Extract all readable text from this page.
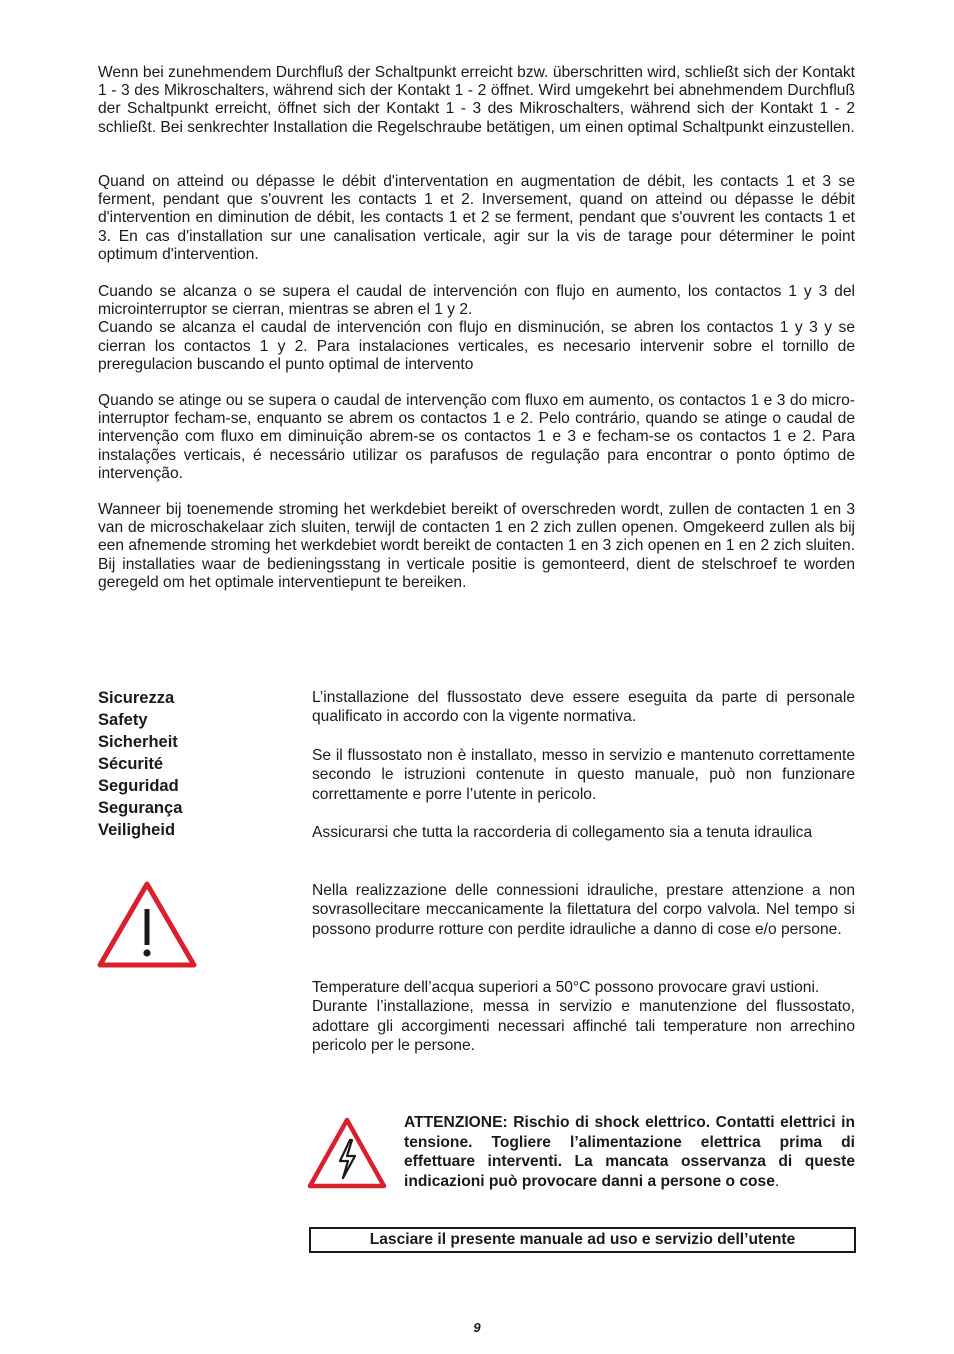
Wenn bei zunehmendem Durchfluß der Schaltpunkt erreicht bzw. überschritten wird, schließt sich der Kontakt 1 - 3 des Mikroschalters, während sich der Kontakt 1 - 2 öffnet. Wird umgekehrt bei abnehmendem Durchfluß der Schaltpunkt erreicht, öffnet sich der Kontakt 1 - 3 des Mikroschalters, während sich der Kontakt 1 - 2 schließt. Bei senkrechter Installation die Regelschraube betätigen, um einen optimal Schaltpunkt einzustellen.

Quand on atteind ou dépasse le débit d'interventation en augmentation de débit, les contacts 1 et 3 se ferment, pendant que s'ouvrent les contacts 1 et 2. Inversement, quand on atteind ou dépasse le débit d'intervention en diminution de débit, les contacts 1 et 2 se ferment, pendant que s'ouvrent les contacts 1 et 3. En cas d'installation sur une canalisation verticale, agir sur la vis de tarage pour déterminer le point optimum d'intervention.

Cuando se alcanza o se supera el caudal de intervención con flujo en aumento, los contactos 1 y 3 del microinterruptor se cierran, mientras se abren el 1 y 2.
Cuando se alcanza el caudal de intervención con flujo en disminución, se abren los contactos 1 y 3 y se cierran los contactos 1 y 2. Para instalaciones verticales, es necesario intervenir sobre el tornillo de preregulacion buscando el punto optimal de intervento

Quando se atinge ou se supera o caudal de intervenção com fluxo em aumento, os contactos 1 e 3 do micro-interruptor fecham-se, enquanto se abrem os contactos 1 e 2. Pelo contrário, quando se atinge o caudal de intervenção com fluxo em diminuição abrem-se os contactos 1 e 3 e fecham-se os contactos 1 e 2. Para instalações verticais, é necessário utilizar os parafusos de regulação para encontrar o ponto óptimo de intervenção.

Wanneer bij toenemende stroming het werkdebiet bereikt of overschreden wordt, zullen de contacten 1 en 3 van de microschakelaar zich sluiten, terwijl de contacten 1 en 2 zich zullen openen. Omgekeerd zullen als bij een afnemende stroming het werkdebiet wordt bereikt de contacten 1 en 3 zich openen en 1 en 2 zich sluiten. Bij installaties waar de bedieningsstang in verticale positie is gemonteerd, dient de stelschroef te worden geregeld om het optimale interventiepunt te bereiken.

Sicurezza
Safety
Sicherheit
Sécurité
Seguridad
Segurança
Veiligheid

L’installazione del flussostato deve essere eseguita da parte di personale qualificato in accordo con la vigente normativa.

Se il flussostato non è installato, messo in servizio e mantenuto correttamente secondo le istruzioni contenute in questo manuale, può non funzionare correttamente e porre l’utente in pericolo.

Assicurarsi che tutta la raccorderia di collegamento sia a tenuta idraulica

Nella realizzazione delle connessioni idrauliche, prestare attenzione a non sovrasollecitare meccanicamente la filettatura del corpo valvola. Nel tempo si possono produrre rotture con perdite idrauliche a danno di cose e/o persone.

Temperature dell’acqua superiori a 50°C possono provocare gravi ustioni.
Durante l’installazione, messa in servizio e manutenzione del flussostato, adottare gli accorgimenti necessari affinché tali temperature non arrechino pericolo per le persone.

ATTENZIONE: Rischio di shock elettrico. Contatti elettrici in tensione. Togliere l’alimentazione elettrica prima di effettuare interventi. La mancata osservanza di queste indicazioni può provocare danni a persone o cose.
Lasciare il presente manuale ad uso e servizio dell’utente
9
